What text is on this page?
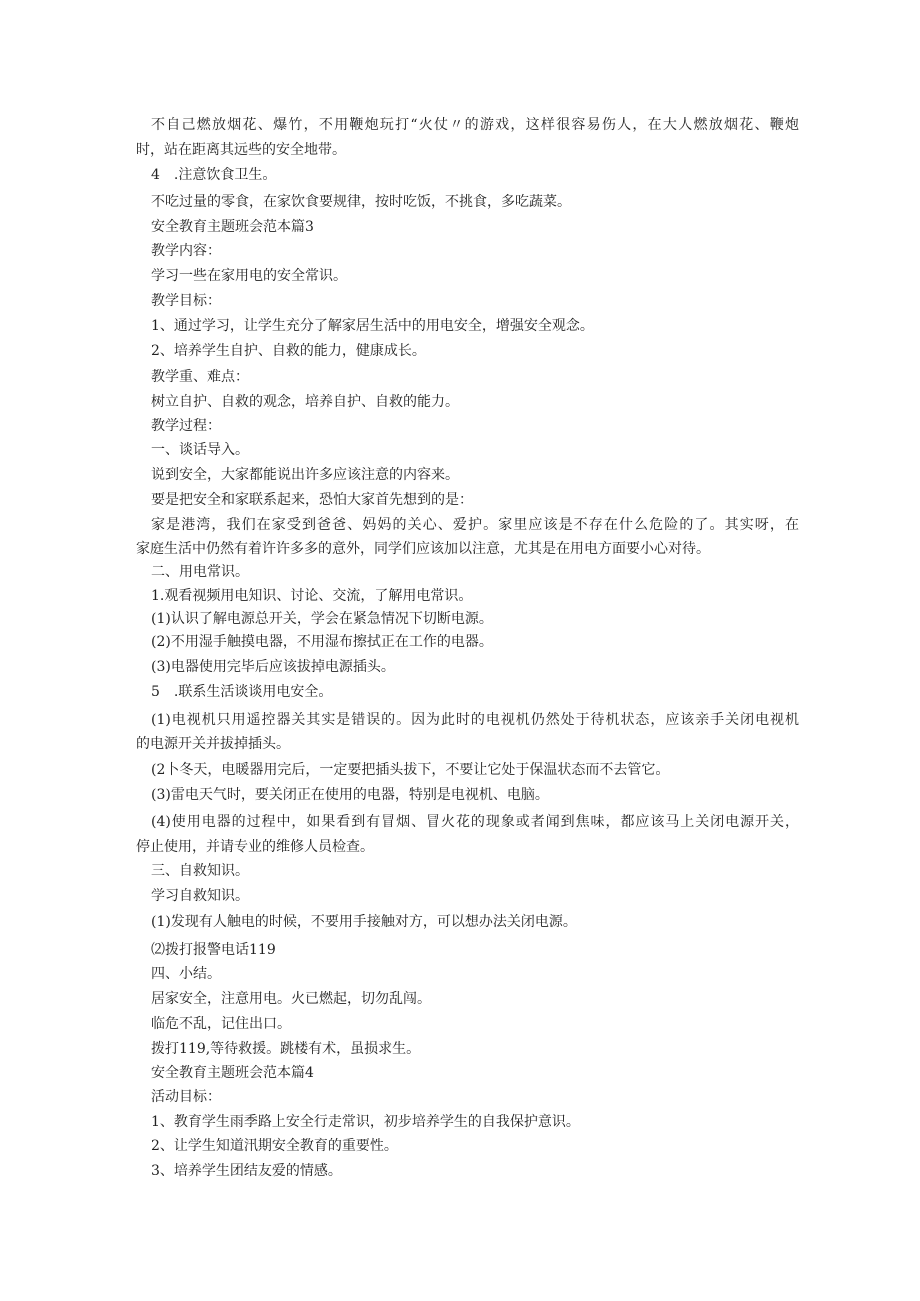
不自己燃放烟花、爆竹，不用鞭炮玩打“火仗〃的游戏，这样很容易伤人，在大人燃放烟花、鞭炮
时，站在距离其远些的安全地带。
4　.注意饮食卫生。
不吃过量的零食，在家饮食要规律，按时吃饭，不挑食，多吃蔬菜。
安全教育主题班会范本篇3
教学内容：
学习一些在家用电的安全常识。
教学目标：
1、通过学习，让学生充分了解家居生活中的用电安全，增强安全观念。
2、培养学生自护、自救的能力，健康成长。
教学重、难点：
树立自护、自救的观念，培养自护、自救的能力。
教学过程：
一、谈话导入。
说到安全，大家都能说出许多应该注意的内容来。
要是把安全和家联系起来，恐怕大家首先想到的是：
家是港湾，我们在家受到爸爸、妈妈的关心、爱护。家里应该是不存在什么危险的了。其实呀，在
家庭生活中仍然有着许许多多的意外，同学们应该加以注意，尤其是在用电方面要小心对待。
二、用电常识。
1.观看视频用电知识、讨论、交流，了解用电常识。
(1)认识了解电源总开关，学会在紧急情况下切断电源。
(2)不用湿手触摸电器，不用湿布擦拭正在工作的电器。
(3)电器使用完毕后应该拔掉电源插头。
5　.联系生活谈谈用电安全。
(1)电视机只用遥控器关其实是错误的。因为此时的电视机仍然处于待机状态，应该亲手关闭电视机
的电源开关并拔掉插头。
(2卜冬天，电暖器用完后，一定要把插头拔下，不要让它处于保温状态而不去管它。
(3)雷电天气时，要关闭正在使用的电器，特别是电视机、电脑。
(4)使用电器的过程中，如果看到有冒烟、冒火花的现象或者闻到焦味，都应该马上关闭电源开关，
停止使用，并请专业的维修人员检查。
三、自救知识。
学习自救知识。
(1)发现有人触电的时候，不要用手接触对方，可以想办法关闭电源。
⑵拨打报警电话119
四、小结。
居家安全，注意用电。火已燃起，切勿乱闯。
临危不乱，记住出口。
拨打119,等待救援。跳楼有术，虽损求生。
安全教育主题班会范本篇4
活动目标：
1、教育学生雨季路上安全行走常识，初步培养学生的自我保护意识。
2、让学生知道汛期安全教育的重要性。
3、培养学生团结友爱的情感。
